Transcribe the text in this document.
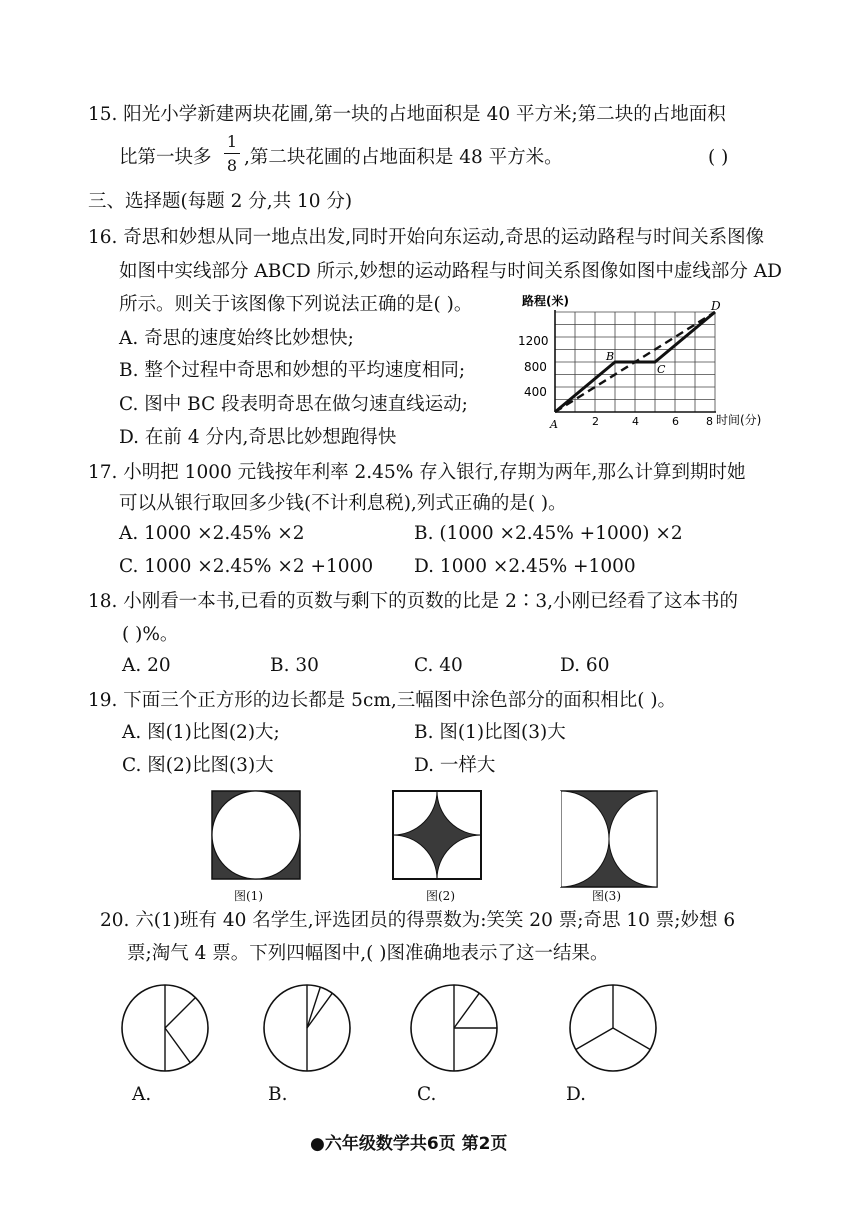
15. 阳光小学新建两块花圃,第一块的占地面积是 40 平方米;第二块的占地面积
比第一块多
1
8 ,第二块花圃的占地面积是 48 平方米。	( )
三、选择题(每题 2 分,共 10 分)
16. 奇思和妙想从同一地点出发,同时开始向东运动,奇思的运动路程与时间关系图像
如图中实线部分 ABCD 所示,妙想的运动路程与时间关系图像如图中虚线部分 AD
所示。则关于该图像下列说法正确的是( )。
A. 奇思的速度始终比妙想快;
B. 整个过程中奇思和妙想的平均速度相同;
C. 图中 BC 段表明奇思在做匀速直线运动;
D. 在前 4 分内,奇思比妙想跑得快
路程(米)
时间(分)
1200
800
400
2	4	6 8
A
B
C
D
17. 小明把 1000 元钱按年利率 2.45% 存入银行,存期为两年,那么计算到期时她
可以从银行取回多少钱(不计利息税),列式正确的是( )。
A. 1000 ×2.45% ×2	B. (1000 ×2.45% +1000) ×2
C. 1000 ×2.45% ×2 +1000 D. 1000 ×2.45% +1000
18. 小刚看一本书,已看的页数与剩下的页数的比是 2∶3,小刚已经看了这本书的
( )%。
A. 20	B. 30	C. 40	D. 60
19. 下面三个正方形的边长都是 5cm,三幅图中涂色部分的面积相比( )。
A. 图(1)比图(2)大;	B. 图(1)比图(3)大
C. 图(2)比图(3)大	D. 一样大
图(1)	图(2)	图(3)
20. 六(1)班有 40 名学生,评选团员的得票数为:笑笑 20 票;奇思 10 票;妙想 6
票;淘气 4 票。下列四幅图中,( )图准确地表示了这一结果。
A.	B.	C.	D.
●六年级数学共6页 第2页
